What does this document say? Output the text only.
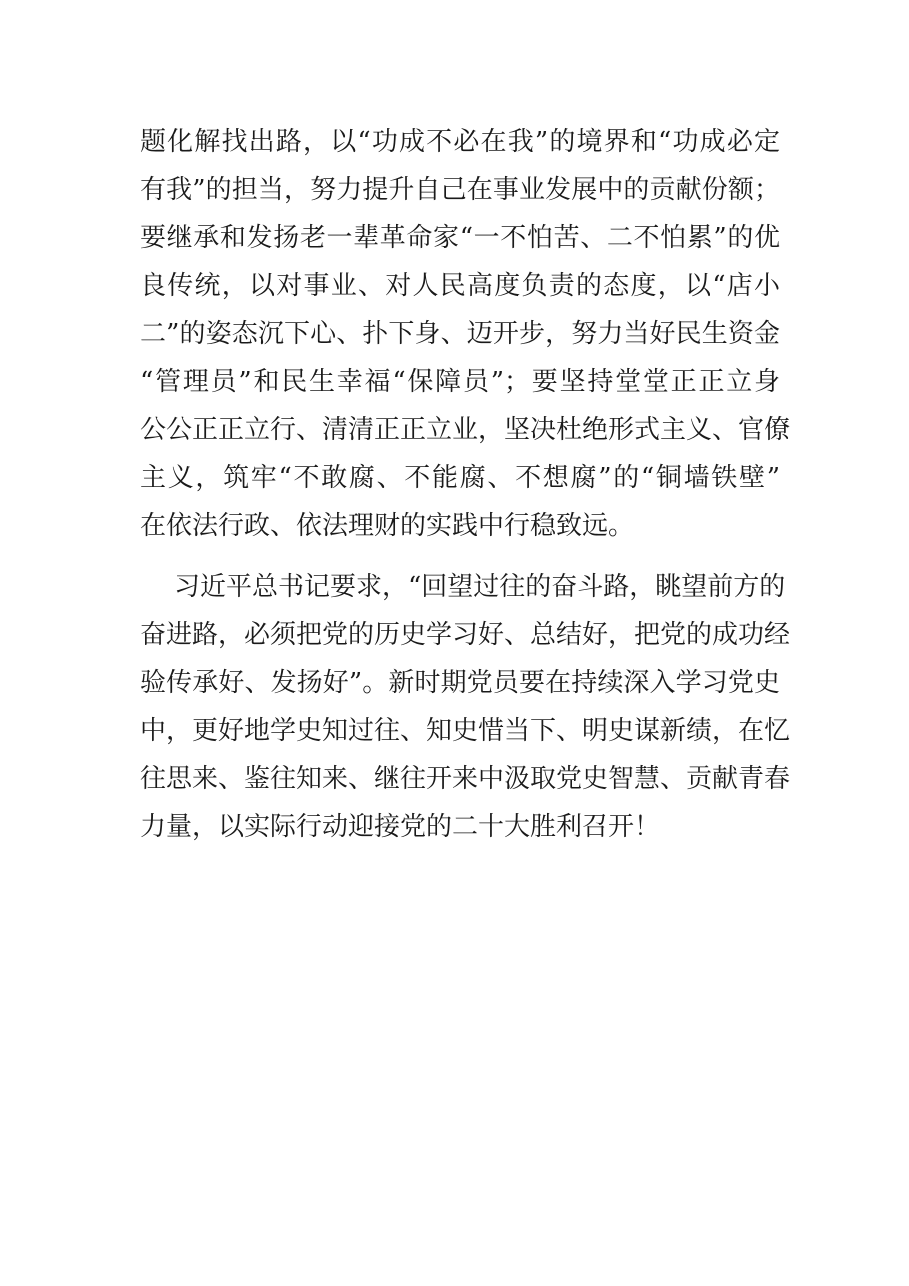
题化解找出路，以“功成不必在我”的境界和“功成必定
有我”的担当，努力提升自己在事业发展中的贡献份额；
要继承和发扬老一辈革命家“一不怕苦、二不怕累”的优
良传统，以对事业、对人民高度负责的态度，以“店小
二”的姿态沉下心、扑下身、迈开步，努力当好民生资金
“管理员”和民生幸福“保障员”；要坚持堂堂正正立身
公公正正立行、清清正正立业，坚决杜绝形式主义、官僚
主义，筑牢“不敢腐、不能腐、不想腐”的“铜墙铁壁”
在依法行政、依法理财的实践中行稳致远。
习近平总书记要求，“回望过往的奋斗路，眺望前方的
奋进路，必须把党的历史学习好、总结好，把党的成功经
验传承好、发扬好”。新时期党员要在持续深入学习党史
中，更好地学史知过往、知史惜当下、明史谋新绩，在忆
往思来、鉴往知来、继往开来中汲取党史智慧、贡献青春
力量，以实际行动迎接党的二十大胜利召开！
